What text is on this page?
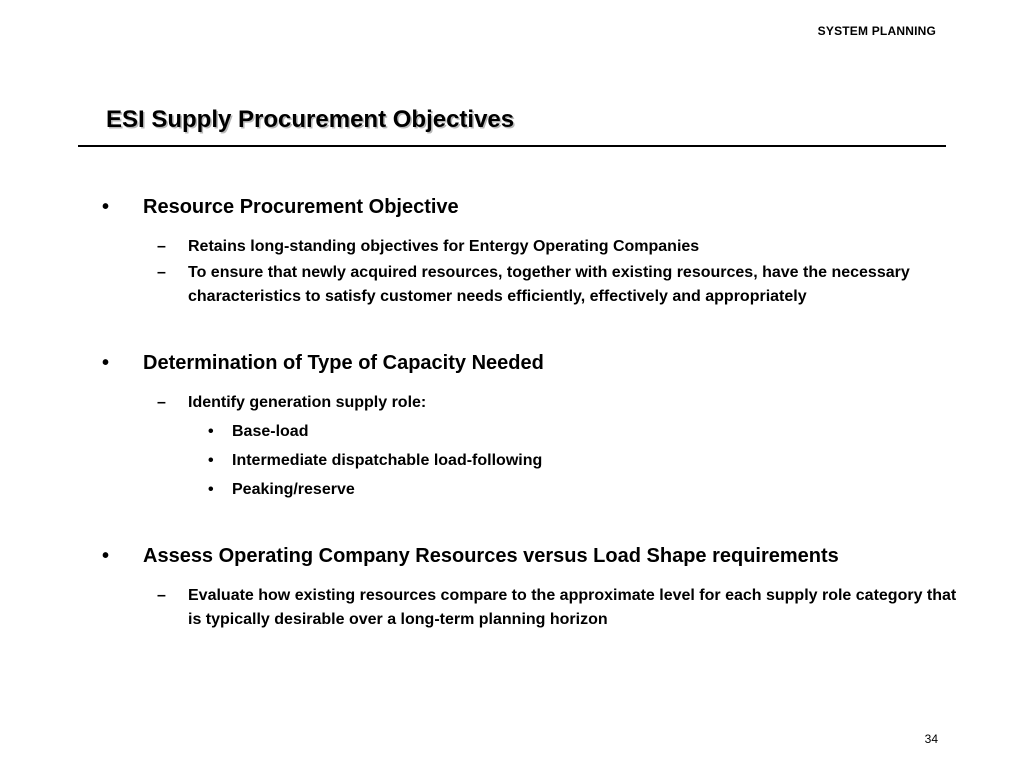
SYSTEM PLANNING
ESI Supply Procurement Objectives
•	Resource Procurement Objective
–	Retains long-standing objectives for Entergy Operating Companies
–	To ensure that newly acquired resources, together with existing resources, have the necessary characteristics to satisfy customer needs efficiently, effectively and appropriately
•	Determination of Type of Capacity Needed
–	Identify generation supply role:
•	Base-load
•	Intermediate dispatchable load-following
•	Peaking/reserve
•	Assess Operating Company Resources versus Load Shape requirements
–	Evaluate how existing resources compare to the approximate level for each supply role category that is typically desirable over a long-term planning horizon
34
